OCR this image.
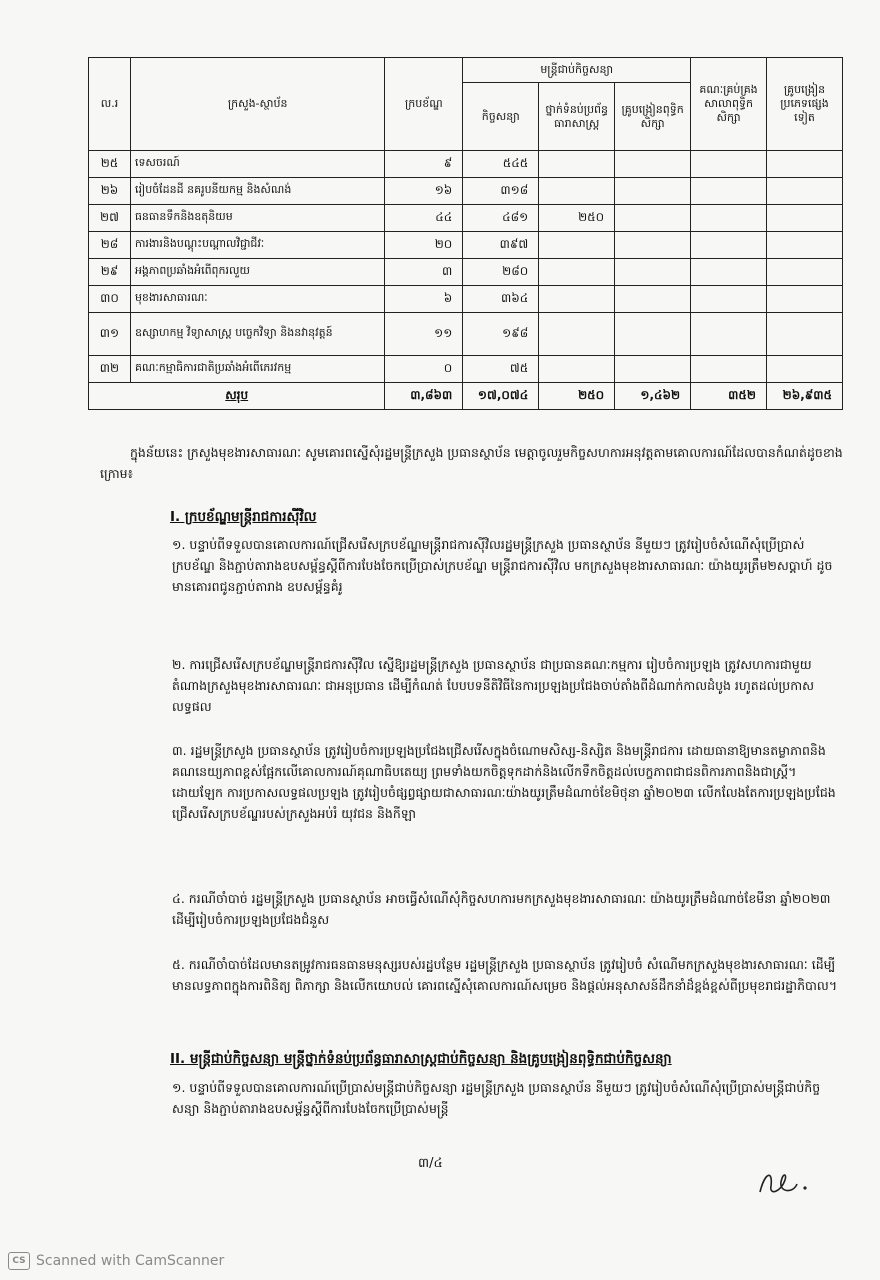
ល.រ	ក្រសួង-ស្ថាប័ន	ក្របខ័ណ្ឌ	មន្ត្រីជាប់កិច្ចសន្យា			គណៈគ្រប់គ្រងសាលាពុទ្ធិកសិក្សា	គ្រូបង្រៀនប្រភេទផ្សេងទៀត
			កិច្ចសន្យា	ថ្នាក់ទំនប់ប្រព័ន្ធធារាសាស្ត្រ	គ្រូបង្រៀនពុទ្ធិកសិក្សា		
២៥	ទេសចរណ៍	៩	៥៤៥				
២៦	រៀបចំដែនដី នគរូបនីយកម្ម និងសំណង់	១៦	៣១៨				
២៧	ធនធានទឹកនិងឧតុនិយម	៤៤	៤៨១	២៥០			
២៨	ការងារនិងបណ្តុះបណ្តាលវិជ្ជាជីវៈ	២០	៣៩៧				
២៩	អង្គភាពប្រឆាំងអំពើពុករលួយ	៣	២៨០				
៣០	មុខងារសាធារណៈ	៦	៣៦៤				
៣១	ឧស្សាហកម្ម វិទ្យាសាស្ត្រ បច្ចេកវិទ្យា និងនវានុវត្តន៍	១១	១៩៨				
៣២	គណៈកម្មាធិការជាតិប្រឆាំងអំពើភេរវកម្ម	០	៧៥				
សរុប		៣,៨៦៣	១៧,០៧៤	២៥០	១,៤៦២	៣៥២	២៦,៩៣៥
ក្នុងន័យនេះ ក្រសួងមុខងារសាធារណៈ សូមគោរពស្នើសុំរដ្ឋមន្ត្រីក្រសួង ប្រធានស្ថាប័ន មេត្តាចូលរួមកិច្ចសហការអនុវត្តតាមគោលការណ៍ដែលបានកំណត់ដូចខាងក្រោម៖
I. ក្របខ័ណ្ឌមន្ត្រីរាជការស៊ីវិល
១. បន្ទាប់ពីទទួលបានគោលការណ៍ជ្រើសរើសក្របខ័ណ្ឌមន្ត្រីរាជការស៊ីវិលរដ្ឋមន្ត្រីក្រសួង ប្រធានស្ថាប័ន នីមួយៗ ត្រូវរៀបចំសំណើសុំប្រើប្រាស់ក្របខ័ណ្ឌ និងភ្ជាប់តារាងឧបសម្ព័ន្ធស្តីពីការបែងចែកប្រើប្រាស់ក្របខ័ណ្ឌ មន្ត្រីរាជការស៊ីវិល មកក្រសួងមុខងារសាធារណៈ យ៉ាងយូរត្រឹម២សប្តាហ៍ ដូចមានគោរពជូនភ្ជាប់តារាង ឧបសម្ព័ន្ធគំរូ
២. ការជ្រើសរើសក្របខ័ណ្ឌមន្ត្រីរាជការស៊ីវិល ស្នើឱ្យរដ្ឋមន្ត្រីក្រសួង ប្រធានស្ថាប័ន ជាប្រធានគណៈកម្មការ រៀបចំការប្រឡង ត្រូវសហការជាមួយតំណាងក្រសួងមុខងារសាធារណៈ ជាអនុប្រធាន ដើម្បីកំណត់ បែបបទនីតិវិធីនៃការប្រឡងប្រជែងចាប់តាំងពីដំណាក់កាលដំបូង រហូតដល់ប្រកាសលទ្ធផល
៣. រដ្ឋមន្ត្រីក្រសួង ប្រធានស្ថាប័ន ត្រូវរៀបចំការប្រឡងប្រជែងជ្រើសរើសក្នុងចំណោមសិស្ស-និស្សិត និងមន្ត្រីរាជការ ដោយធានាឱ្យមានតម្លាភាពនិងគណនេយ្យភាពខ្ពស់ផ្អែកលើគោលការណ៍គុណាធិបតេយ្យ ព្រមទាំងយកចិត្តទុកដាក់និងលើកទឹកចិត្តដល់បេក្ខភាពជាជនពិការភាពនិងជាស្ត្រី។ ដោយឡែក ការប្រកាសលទ្ធផលប្រឡង ត្រូវរៀបចំផ្សព្វផ្សាយជាសាធារណៈយ៉ាងយូរត្រឹមដំណាច់ខែមិថុនា ឆ្នាំ២០២៣ លើកលែងតែការប្រឡងប្រជែងជ្រើសរើសក្របខ័ណ្ឌរបស់ក្រសួងអប់រំ យុវជន និងកីឡា
៤. ករណីចាំបាច់ រដ្ឋមន្ត្រីក្រសួង ប្រធានស្ថាប័ន អាចធ្វើសំណើសុំកិច្ចសហការមកក្រសួងមុខងារសាធារណៈ យ៉ាងយូរត្រឹមដំណាច់ខែមីនា ឆ្នាំ២០២៣ ដើម្បីរៀបចំការប្រឡងប្រជែងជំនួស
៥. ករណីចាំបាច់ដែលមានតម្រូវការធនធានមនុស្សរបស់រដ្ឋបន្ថែម រដ្ឋមន្ត្រីក្រសួង ប្រធានស្ថាប័ន ត្រូវរៀបចំ សំណើមកក្រសួងមុខងារសាធារណៈ ដើម្បីមានលទ្ធភាពក្នុងការពិនិត្យ ពិភាក្សា និងលើកយោបល់ គោរពស្នើសុំគោលការណ៍សម្រេច និងផ្តល់អនុសាសន៍ដឹកនាំដ៏ខ្ពង់ខ្ពស់ពីប្រមុខរាជរដ្ឋាភិបាល។
II. មន្ត្រីជាប់កិច្ចសន្យា មន្ត្រីថ្នាក់ទំនប់ប្រព័ន្ធធារាសាស្ត្រជាប់កិច្ចសន្យា និងគ្រូបង្រៀនពុទ្ធិកជាប់កិច្ចសន្យា
១. បន្ទាប់ពីទទួលបានគោលការណ៍ប្រើប្រាស់មន្ត្រីជាប់កិច្ចសន្យា រដ្ឋមន្ត្រីក្រសួង ប្រធានស្ថាប័ន នីមួយៗ ត្រូវរៀបចំសំណើសុំប្រើប្រាស់មន្ត្រីជាប់កិច្ចសន្យា និងភ្ជាប់តារាងឧបសម្ព័ន្ធស្តីពីការបែងចែកប្រើប្រាស់មន្ត្រី
៣/៤
CS Scanned with CamScanner
